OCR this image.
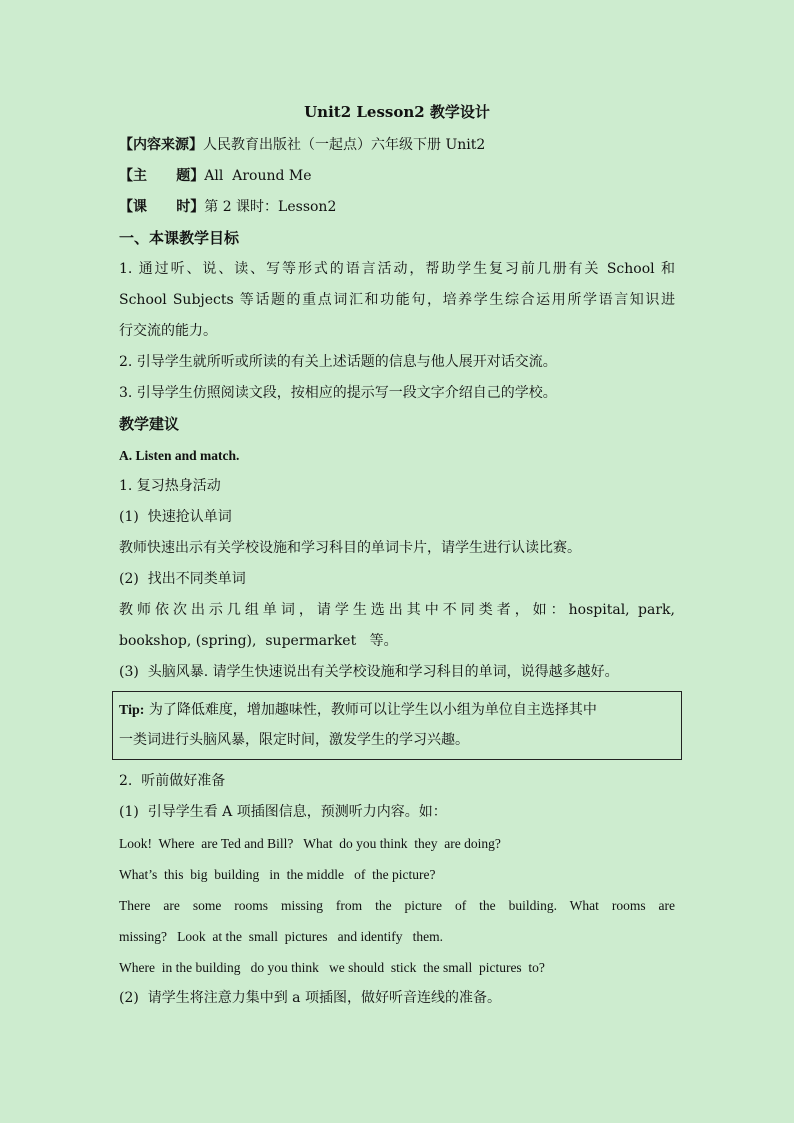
Unit2 Lesson2 教学设计
【内容来源】人民教育出版社（一起点）六年级下册 Unit2
【主      题】All  Around Me
【课      时】第 2 课时：Lesson2
一、本课教学目标
1. 通过听、说、读、写等形式的语言活动，帮助学生复习前几册有关 School 和
School Subjects 等话题的重点词汇和功能句，培养学生综合运用所学语言知识进
行交流的能力。
2. 引导学生就所听或所读的有关上述话题的信息与他人展开对话交流。
3. 引导学生仿照阅读文段，按相应的提示写一段文字介绍自己的学校。
教学建议
A. Listen and match.
1. 复习热身活动
(1)  快速抢认单词
教师快速出示有关学校设施和学习科目的单词卡片，请学生进行认读比赛。
(2)  找出不同类单词
教师依次出示几组单词，请学生选出其中不同类者，如：hospital, park,
bookshop, (spring),  supermarket   等。
(3)  头脑风暴. 请学生快速说出有关学校设施和学习科目的单词，说得越多越好。
Tip: 为了降低难度，增加趣味性，教师可以让学生以小组为单位自主选择其中
一类词进行头脑风暴，限定时间，激发学生的学习兴趣。
2.  听前做好准备
(1)  引导学生看 A 项插图信息，预测听力内容。如：
Look!  Where  are Ted and Bill?   What  do you think  they  are doing?
What’s  this  big  building   in  the middle   of  the picture?
There are some rooms missing from the picture of the building. What rooms are
missing?   Look  at the  small  pictures   and identify   them.
Where  in the building   do you think   we should  stick  the small  pictures  to?
(2)  请学生将注意力集中到 a 项插图，做好听音连线的准备。
